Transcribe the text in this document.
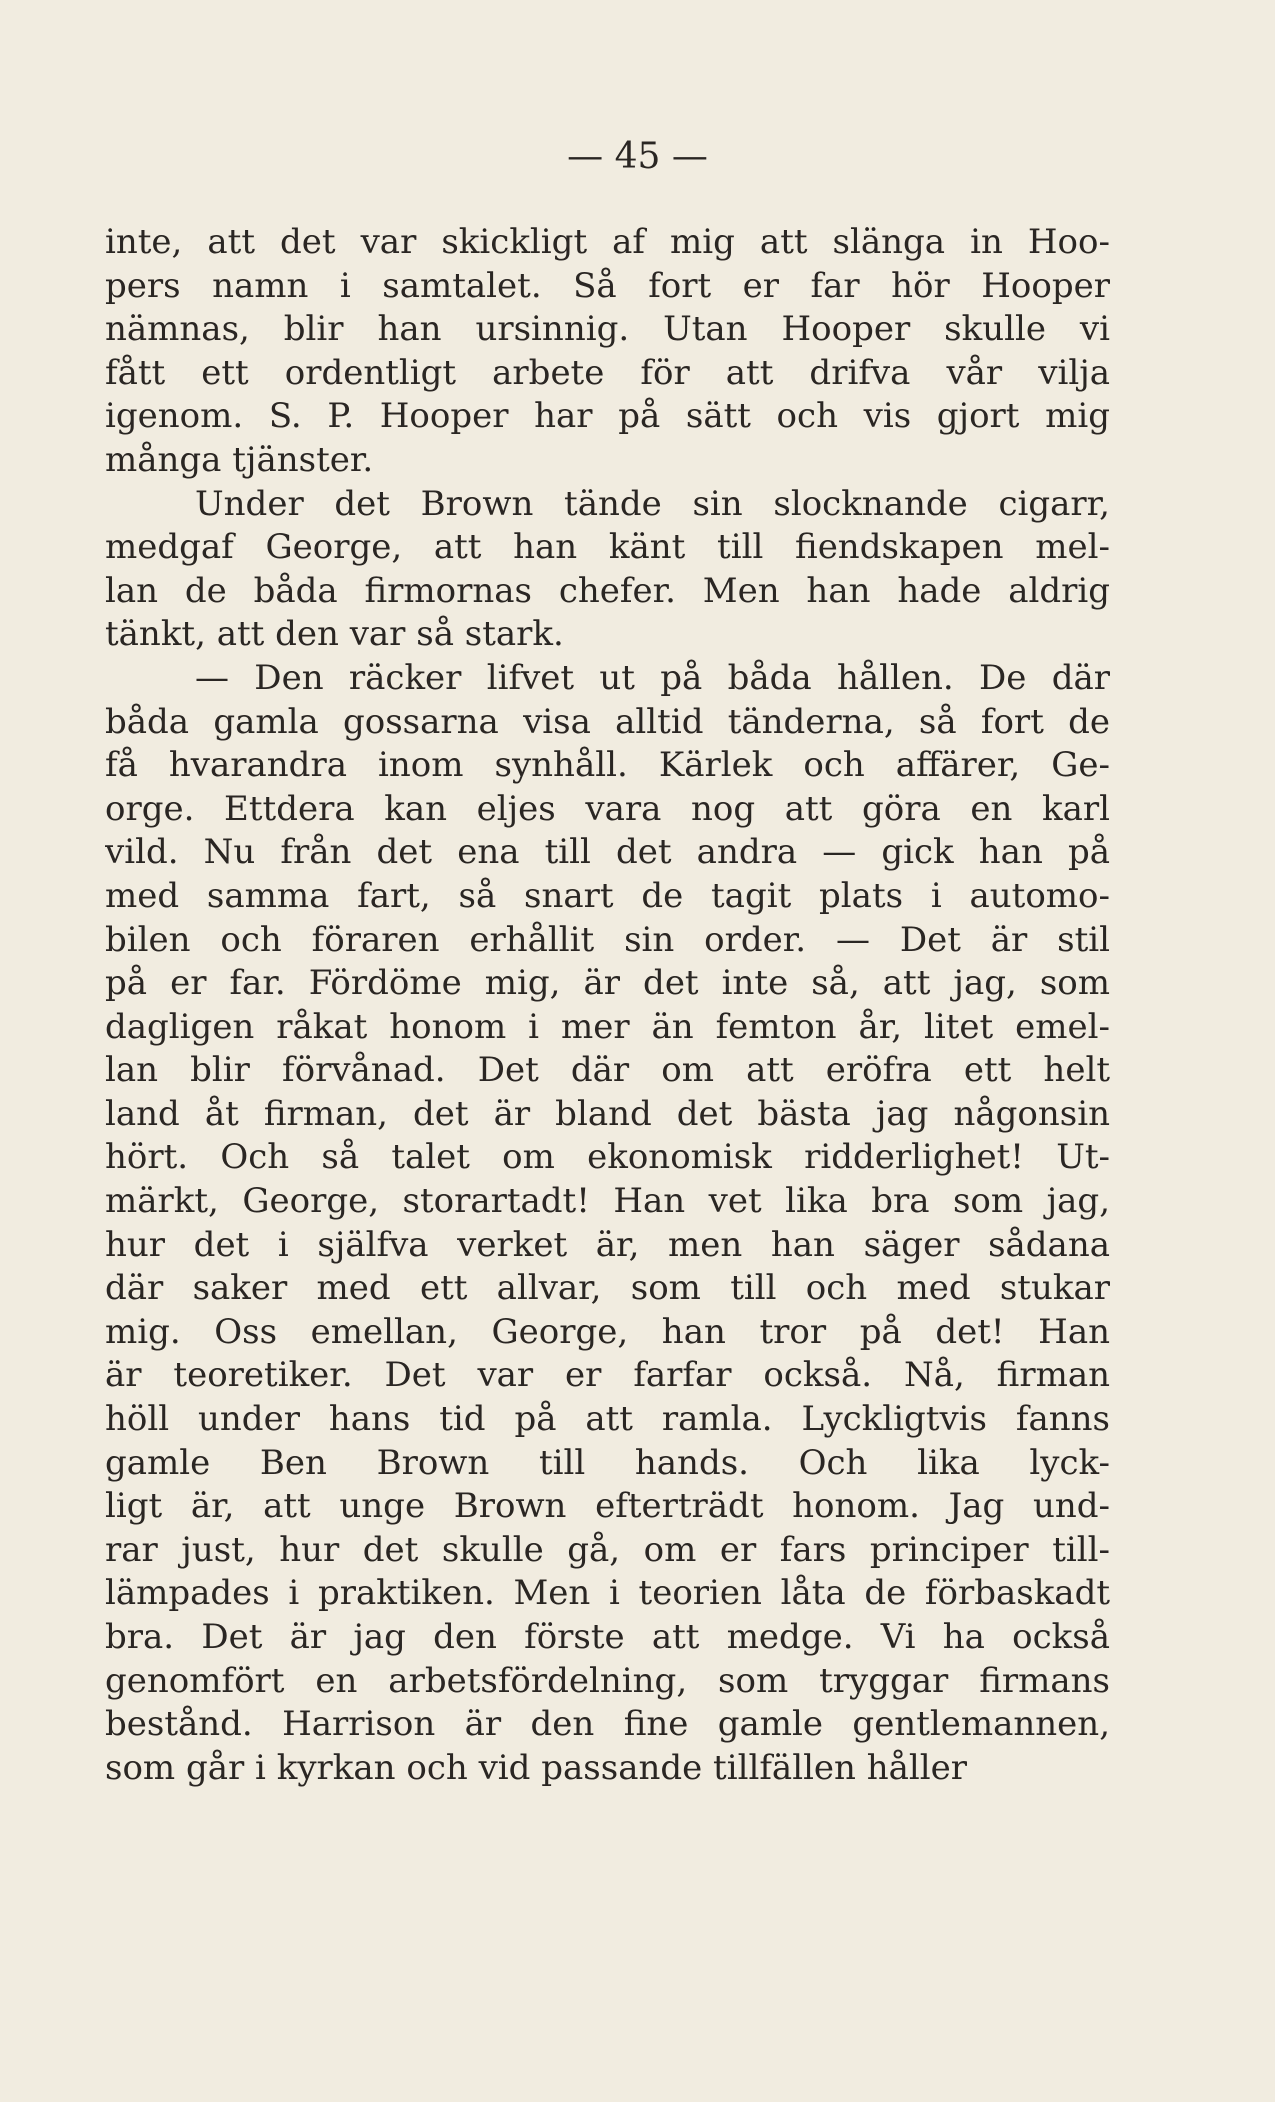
— 45 —
inte, att det var skickligt af mig att slänga in Hoo-
pers namn i samtalet. Så fort er far hör Hooper
nämnas, blir han ursinnig. Utan Hooper skulle vi
fått ett ordentligt arbete för att drifva vår vilja
igenom. S. P. Hooper har på sätt och vis gjort mig
många tjänster.
Under det Brown tände sin slocknande cigarr,
medgaf George, att han känt till fiendskapen mel-
lan de båda firmornas chefer. Men han hade aldrig
tänkt, att den var så stark.
— Den räcker lifvet ut på båda hållen. De där
båda gamla gossarna visa alltid tänderna, så fort de
få hvarandra inom synhåll. Kärlek och affärer, Ge-
orge. Ettdera kan eljes vara nog att göra en karl
vild. Nu från det ena till det andra — gick han på
med samma fart, så snart de tagit plats i automo-
bilen och föraren erhållit sin order. — Det är stil
på er far. Fördöme mig, är det inte så, att jag, som
dagligen råkat honom i mer än femton år, litet emel-
lan blir förvånad. Det där om att eröfra ett helt
land åt firman, det är bland det bästa jag någonsin
hört. Och så talet om ekonomisk ridderlighet! Ut-
märkt, George, storartadt! Han vet lika bra som jag,
hur det i själfva verket är, men han säger sådana
där saker med ett allvar, som till och med stukar
mig. Oss emellan, George, han tror på det! Han
är teoretiker. Det var er farfar också. Nå, firman
höll under hans tid på att ramla. Lyckligtvis fanns
gamle Ben Brown till hands. Och lika lyck-
ligt är, att unge Brown efterträdt honom. Jag und-
rar just, hur det skulle gå, om er fars principer till-
lämpades i praktiken. Men i teorien låta de förbaskadt
bra. Det är jag den förste att medge. Vi ha också
genomfört en arbetsfördelning, som tryggar firmans
bestånd. Harrison är den fine gamle gentlemannen,
som går i kyrkan och vid passande tillfällen håller
